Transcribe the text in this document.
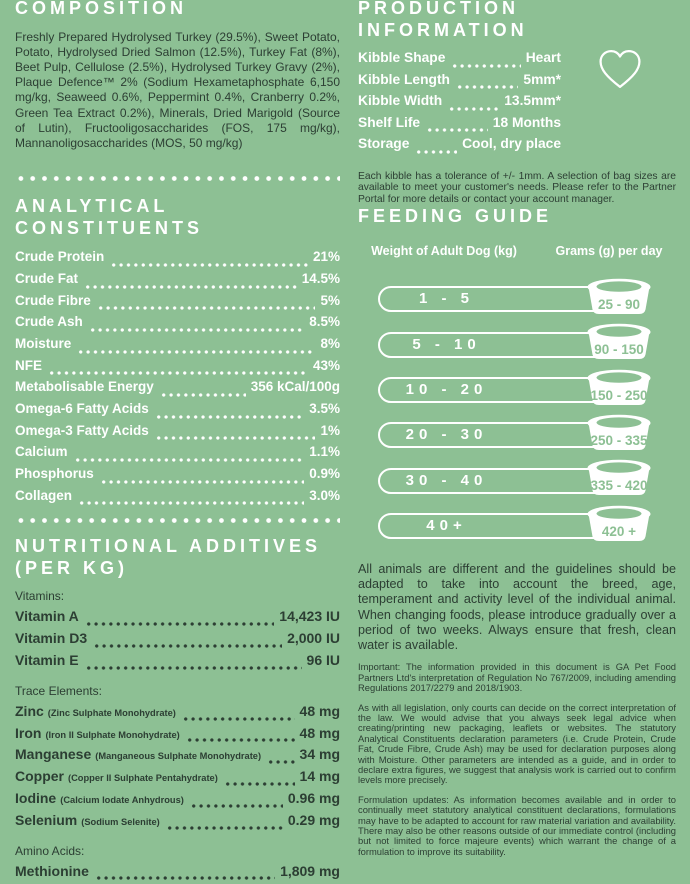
COMPOSITION

Freshly Prepared Hydrolysed Turkey (29.5%), Sweet Potato, Potato, Hydrolysed Dried Salmon (12.5%), Turkey Fat (8%), Beet Pulp, Cellulose (2.5%), Hydrolysed Turkey Gravy (2%), Plaque Defence™ 2% (Sodium Hexametaphosphate 6,150 mg/kg, Seaweed 0.6%, Peppermint 0.4%, Cranberry 0.2%, Green Tea Extract 0.2%), Minerals, Dried Marigold (Source of Lutin), Fructooligosaccharides (FOS, 175 mg/kg), Mannanoligosaccharides (MOS, 50 mg/kg)

ANALYTICAL
CONSTITUENTS
Crude Protein	21%
Crude Fat	14.5%
Crude Fibre	5%
Crude Ash	8.5%
Moisture	8%
NFE	43%
Metabolisable Energy	356 kCal/100g
Omega-6 Fatty Acids	3.5%
Omega-3 Fatty Acids	1%
Calcium	1.1%
Phosphorus	0.9%
Collagen	3.0%
NUTRITIONAL ADDITIVES
(PER KG)
Vitamins:
Vitamin A	14,423 IU
Vitamin D3	2,000 IU
Vitamin E	96 IU
Trace Elements:
Zinc (Zinc Sulphate Monohydrate)	48 mg
Iron (Iron II Sulphate Monohydrate)	48 mg
Manganese (Manganeous Sulphate Monohydrate)	34 mg
Copper (Copper II Sulphate Pentahydrate)	14 mg
Iodine (Calcium Iodate Anhydrous)	0.96 mg
Selenium (Sodium Selenite)	0.29 mg
Amino Acids:
Methionine	1,809 mg
PRODUCTION
INFORMATION
Kibble Shape	Heart
Kibble Length	5mm*
Kibble Width	13.5mm*
Shelf Life	18 Months
Storage	Cool, dry place

Each kibble has a tolerance of +/- 1mm. A selection of bag sizes are available to meet your customer's needs. Please refer to the Partner Portal for more details or contact your account manager.

FEEDING GUIDE
Weight of Adult Dog (kg)	Grams (g) per day
1 - 5	25 - 90
5 - 10	90 - 150
10 - 20	150 - 250
20 - 30	250 - 335
30 - 40	335 - 420
40+	420 +

All animals are different and the guidelines should be adapted to take into account the breed, age, temperament and activity level of the individual animal. When changing foods, please introduce gradually over a period of two weeks. Always ensure that fresh, clean water is available.

Important: The information provided in this document is GA Pet Food Partners Ltd's interpretation of Regulation No 767/2009, including amending Regulations 2017/2279 and 2018/1903.

As with all legislation, only courts can decide on the correct interpretation of the law. We would advise that you always seek legal advice when creating/printing new packaging, leaflets or websites. The statutory Analytical Constituents declaration parameters (i.e. Crude Protein, Crude Fat, Crude Fibre, Crude Ash) may be used for declaration purposes along with Moisture. Other parameters are intended as a guide, and in order to declare extra figures, we suggest that analysis work is carried out to confirm levels more precisely.

Formulation updates: As information becomes available and in order to continually meet statutory analytical constituent declarations, formulations may have to be adapted to account for raw material variation and availability. There may also be other reasons outside of our immediate control (including but not limited to force majeure events) which warrant the change of a formulation to improve its suitability.
